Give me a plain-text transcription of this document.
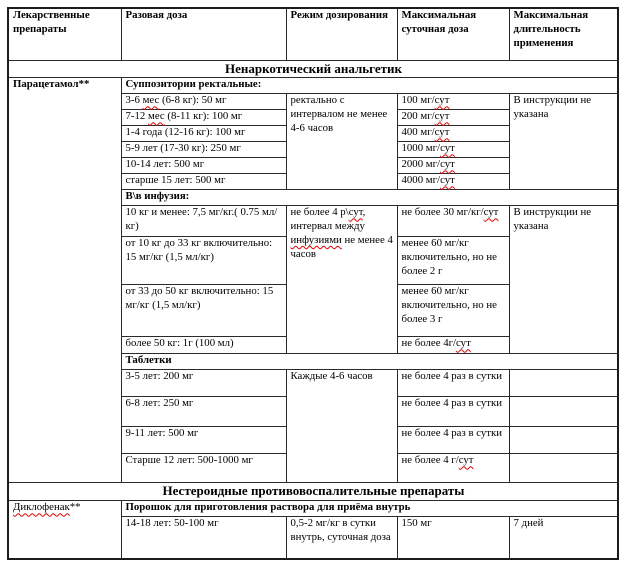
Лекарственные препараты	Разовая доза	Режим дозирования	Максимальная суточная доза	Максимальная длительность применения
Ненаркотический анальгетик				
Парацетамол**	Суппозитории ректальные:			
	3-6 мес (6-8 кг): 50 мг	ректально с интервалом не менее 4-6 часов	100 мг/сут	В инструкции не указана
	7-12 мес (8-11 кг): 100 мг		200 мг/сут	
	1-4 года (12-16 кг): 100 мг		400 мг/сут	
	5-9 лет (17-30 кг): 250 мг		1000 мг/сут	
	10-14 лет: 500 мг		2000 мг/сут	
	старше 15 лет: 500 мг		4000 мг/сут	
	В\в инфузия:			
	10 кг и менее: 7,5 мг/кг.( 0.75 мл/кг)	не более 4 р\сут, интервал между инфузиями не менее 4 часов	не более 30 мг/кг/сут	В инструкции не указана
	от 10 кг до 33 кг включительно: 15 мг/кг (1,5 мл/кг)		менее 60 мг/кг включительно, но не более 2 г	
	от 33 до 50 кг включительно: 15 мг/кг (1,5 мл/кг)		менее 60 мг/кг включительно, но не более 3 г	
	более 50 кг: 1г (100 мл)		не более 4г/сут	
	Таблетки			
	3-5 лет: 200 мг	Каждые 4-6 часов	не более 4 раз в сутки	
	6-8 лет: 250 мг		не более 4 раз в сутки	
	9-11 лет: 500 мг		не более 4 раз в сутки	
	Старше 12 лет: 500-1000 мг		не более 4 г/сут	
Нестероидные противовоспалительные препараты				
Диклофенак**	Порошок для приготовления раствора для приёма внутрь			
	14-18 лет: 50-100 мг	0,5-2 мг/кг в сутки внутрь, суточная доза	150 мг	7 дней
